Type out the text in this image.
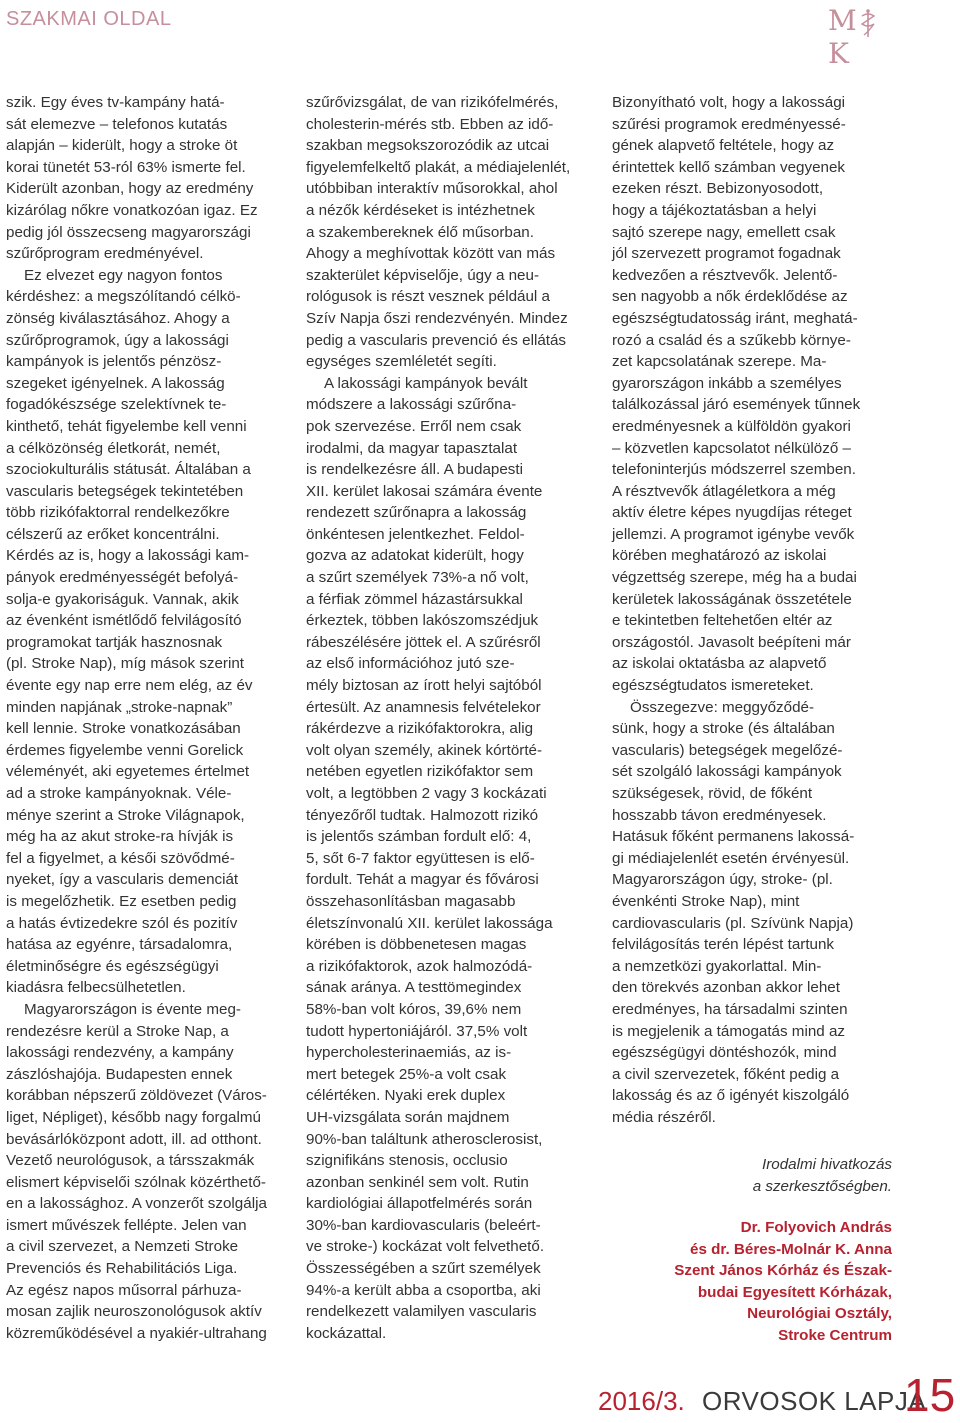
SZAKMAI OLDAL	M
K
szik. Egy éves tv-kampány hatá-
sát elemezve – telefonos kutatás
alapján – kiderült, hogy a stroke öt
korai tünetét 53-ról 63% ismerte fel.
Kiderült azonban, hogy az eredmény
kizárólag nőkre vonatkozóan igaz. Ez
pedig jól összecseng magyarországi
szűrőprogram eredményével.
Ez elvezet egy nagyon fontos
kérdéshez: a megszólítandó célkö-
zönség kiválasztásához. Ahogy a
szűrőprogramok, úgy a lakossági
kampányok is jelentős pénzösz-
szegeket igényelnek. A lakosság
fogadókészsége szelektívnek te-
kinthető, tehát figyelembe kell venni
a célközönség életkorát, nemét,
szociokulturális státusát. Általában a
vascularis betegségek tekintetében
több rizikófaktorral rendelkezőkre
célszerű az erőket koncentrálni.
Kérdés az is, hogy a lakossági kam-
pányok eredményességét befolyá-
solja-e gyakoriságuk. Vannak, akik
az évenként ismétlődő felvilágosító
programokat tartják hasznosnak
(pl. Stroke Nap), míg mások szerint
évente egy nap erre nem elég, az év
minden napjának „stroke-napnak”
kell lennie. Stroke vonatkozásában
érdemes figyelembe venni Gorelick
véleményét, aki egyetemes értelmet
ad a stroke kampányoknak. Véle-
ménye szerint a Stroke Világnapok,
még ha az akut stroke-ra hívják is
fel a figyelmet, a késői szövődmé-
nyeket, így a vascularis demenciát
is megelőzhetik. Ez esetben pedig
a hatás évtizedekre szól és pozitív
hatása az egyénre, társadalomra,
életminőségre és egészségügyi
kiadásra felbecsülhetetlen.
Magyarországon is évente meg-
rendezésre kerül a Stroke Nap, a
lakossági rendezvény, a kampány
zászlóshajója. Budapesten ennek
korábban népszerű zöldövezet (Város-
liget, Népliget), később nagy forgalmú
bevásárlóközpont adott, ill. ad otthont.
Vezető neurológusok, a társszakmák
elismert képviselői szólnak közérthető-
en a lakossághoz. A vonzerőt szolgálja
ismert művészek fellépte. Jelen van
a civil szervezet, a Nemzeti Stroke
Prevenciós és Rehabilitációs Liga.
Az egész napos műsorral párhuza-
mosan zajlik neuroszonológusok aktív
közreműködésével a nyakiér-ultrahang
szűrővizsgálat, de van rizikófelmérés,
cholesterin-mérés stb. Ebben az idő-
szakban megsokszorozódik az utcai
figyelemfelkeltő plakát, a médiajelenlét,
utóbbiban interaktív műsorokkal, ahol
a nézők kérdéseket is intézhetnek
a szakembereknek élő műsorban.
Ahogy a meghívottak között van más
szakterület képviselője, úgy a neu-
rológusok is részt vesznek például a
Szív Napja őszi rendezvényén. Mindez
pedig a vascularis prevenció és ellátás
egységes szemléletét segíti.
A lakossági kampányok bevált
módszere a lakossági szűrőna-
pok szervezése. Erről nem csak
irodalmi, da magyar tapasztalat
is rendelkezésre áll. A budapesti
XII. kerület lakosai számára évente
rendezett szűrőnapra a lakosság
önkéntesen jelentkezhet. Feldol-
gozva az adatokat kiderült, hogy
a szűrt személyek 73%-a nő volt,
a férfiak zömmel házastársukkal
érkeztek, többen lakószomszédjuk
rábeszélésére jöttek el. A szűrésről
az első információhoz jutó sze-
mély biztosan az írott helyi sajtóból
értesült. Az anamnesis felvételekor
rákérdezve a rizikófaktorokra, alig
volt olyan személy, akinek kórtörté-
netében egyetlen rizikófaktor sem
volt, a legtöbben 2 vagy 3 kockázati
tényezőről tudtak. Halmozott rizikó
is jelentős számban fordult elő: 4,
5, sőt 6-7 faktor együttesen is elő-
fordult. Tehát a magyar és fővárosi
összehasonlításban magasabb
életszínvonalú XII. kerület lakossága
körében is döbbenetesen magas
a rizikófaktorok, azok halmozódá-
sának aránya. A testtömegindex
58%-ban volt kóros, 39,6% nem
tudott hypertoniájáról. 37,5% volt
hypercholesterinaemiás, az is-
mert betegek 25%-a volt csak
célértéken. Nyaki erek duplex
UH-vizsgálata során majdnem
90%-ban találtunk atherosclerosist,
szignifikáns stenosis, occlusio
azonban senkinél sem volt. Rutin
kardiológiai állapotfelmérés során
30%-ban kardiovascularis (beleért-
ve stroke-) kockázat volt felvethető.
Összességében a szűrt személyek
94%-a került abba a csoportba, aki
rendelkezett valamilyen vascularis
kockázattal.
Bizonyítható volt, hogy a lakossági
szűrési programok eredményessé-
gének alapvető feltétele, hogy az
érintettek kellő számban vegyenek
ezeken részt. Bebizonyosodott,
hogy a tájékoztatásban a helyi
sajtó szerepe nagy, emellett csak
jól szervezett programot fogadnak
kedvezően a résztvevők. Jelentő-
sen nagyobb a nők érdeklődése az
egészségtudatosság iránt, meghatá-
rozó a család és a szűkebb környe-
zet kapcsolatának szerepe. Ma-
gyarországon inkább a személyes
találkozással járó események tűnnek
eredményesnek a külföldön gyakori
– közvetlen kapcsolatot nélkülöző –
telefoninterjús módszerrel szemben.
A résztvevők átlagéletkora a még
aktív életre képes nyugdíjas réteget
jellemzi. A programot igénybe vevők
körében meghatározó az iskolai
végzettség szerepe, még ha a budai
kerületek lakosságának összetétele
e tekintetben feltehetően eltér az
országostól. Javasolt beépíteni már
az iskolai oktatásba az alapvető
egészségtudatos ismereteket.
Összegezve: meggyőződé-
sünk, hogy a stroke (és általában
vascularis) betegségek megelőzé-
sét szolgáló lakossági kampányok
szükségesek, rövid, de főként
hosszabb távon eredményesek.
Hatásuk főként permanens lakossá-
gi médiajelenlét esetén érvényesül.
Magyarországon úgy, stroke- (pl.
évenkénti Stroke Nap), mint
cardiovascularis (pl. Szívünk Napja)
felvilágosítás terén lépést tartunk
a nemzetközi gyakorlattal. Min-
den törekvés azonban akkor lehet
eredményes, ha társadalmi szinten
is megjelenik a támogatás mind az
egészségügyi döntéshozók, mind
a civil szervezetek, főként pedig a
lakosság és az ő igényét kiszolgáló
média részéről.
Irodalmi hivatkozás
a szerkesztőségben.
Dr. Folyovich András
és dr. Béres-Molnár K. Anna
Szent János Kórház és Észak-
budai Egyesített Kórházak,
Neurológiai Osztály,
Stroke Centrum
2016/3. ORVOSOK LAPJA
15
